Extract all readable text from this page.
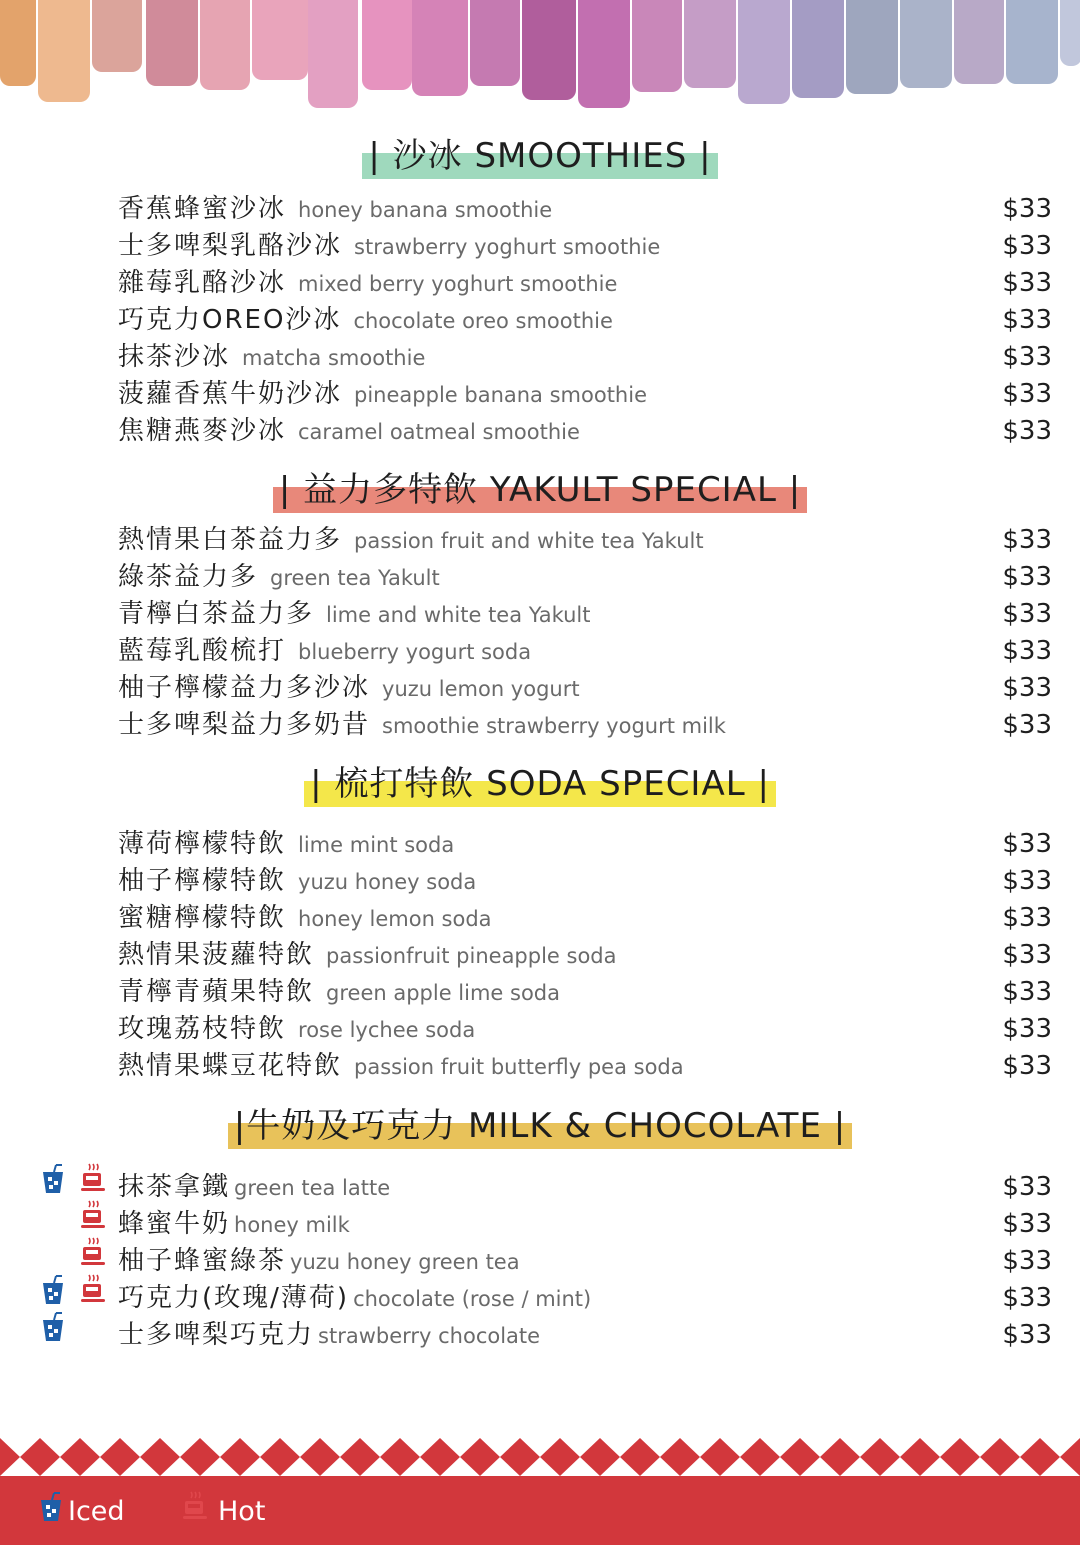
| 沙冰 SMOOTHIES |
| 益力多特飲 YAKULT SPECIAL |
| 梳打特飲 SODA SPECIAL |
|牛奶及巧克力 MILK & CHOCOLATE |
香蕉蜂蜜沙冰 honey banana smoothie	$33
士多啤梨乳酪沙冰 strawberry yoghurt smoothie	$33
雜莓乳酪沙冰 mixed berry yoghurt smoothie	$33
巧克力OREO沙冰 chocolate oreo smoothie	$33
抹茶沙冰 matcha smoothie	$33
菠蘿香蕉牛奶沙冰 pineapple banana smoothie	$33
焦糖燕麥沙冰 caramel oatmeal smoothie	$33
熱情果白茶益力多 passion fruit and white tea Yakult	$33
綠茶益力多 green tea Yakult	$33
青檸白茶益力多 lime and white tea Yakult	$33
藍莓乳酸梳打 blueberry yogurt soda	$33
柚子檸檬益力多沙冰 yuzu lemon yogurt	$33
士多啤梨益力多奶昔 smoothie strawberry yogurt milk	$33
薄荷檸檬特飲 lime mint soda	$33
柚子檸檬特飲 yuzu honey soda	$33
蜜糖檸檬特飲 honey lemon soda	$33
熱情果菠蘿特飲 passionfruit pineapple soda	$33
青檸青蘋果特飲 green apple lime soda	$33
玫瑰荔枝特飲 rose lychee soda	$33
熱情果蝶豆花特飲 passion fruit butterfly pea soda	$33
抹茶拿鐵 green tea latte	$33
蜂蜜牛奶 honey milk	$33
柚子蜂蜜綠茶 yuzu honey green tea	$33
巧克力(玫瑰/薄荷) chocolate (rose / mint)	$33
士多啤梨巧克力 strawberry chocolate	$33
Iced	Hot
